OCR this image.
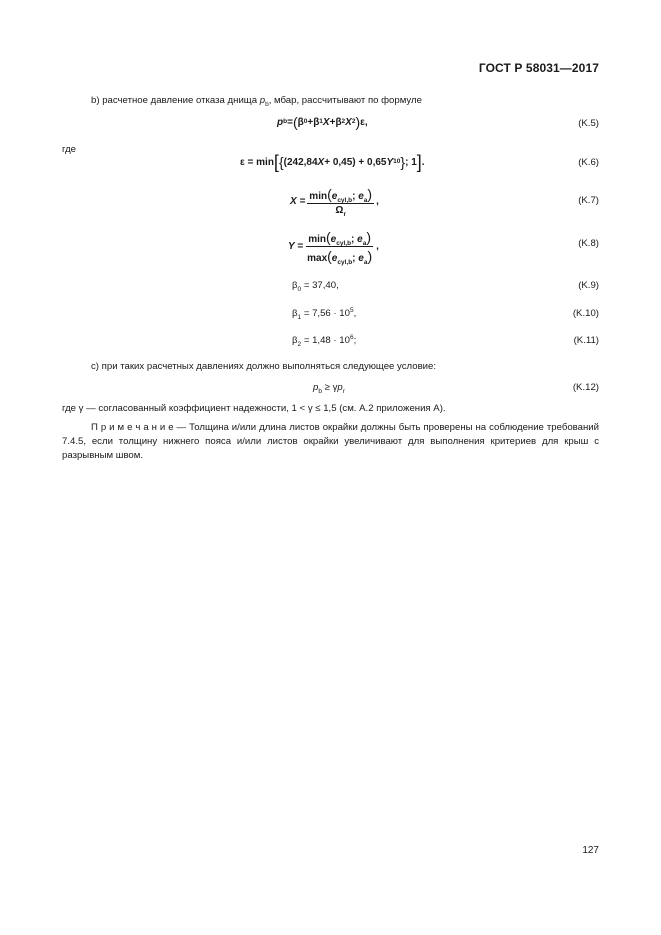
ГОСТ Р 58031—2017
b) расчетное давление отказа днища $p_b$, мбар, рассчитывают по формуле
p b = ( β 0 + β 1 X + β 2 X 2 ) ε ,	(K.5)
где
ε = min [ { (242,84 X + 0,45) + 0,65 Y 10 } ; 1 ] .	(K.6)
$X = \frac{\min(e_{cyl,b}; e_a)}{\Omega_r}$ ,	(K.7)
$Y = \frac{\min(e_{cyl,b}; e_a)}{\max(e_{cyl,b}; e_a)}$ ,	(K.8)
$\beta_0 = 37,40$,	(K.9)
$\beta_1 = 7,56 \cdot 10^5$,	(K.10)
$\beta_2 = 1,48 \cdot 10^6$;	(K.11)
c) при таких расчетных давлениях должно выполняться следующее условие:
$p_b \ge \gamma p_r$	(K.12)
где γ — согласованный коэффициент надежности, 1 < γ ≤ 1,5 (см. А.2 приложения А).
П р и м е ч а н и е — Толщина и/или длина листов окрайки должны быть проверены на соблюдение требований 7.4.5, если толщину нижнего пояса и/или листов окрайки увеличивают для выполнения критериев для крыш с разрывным швом.
127
